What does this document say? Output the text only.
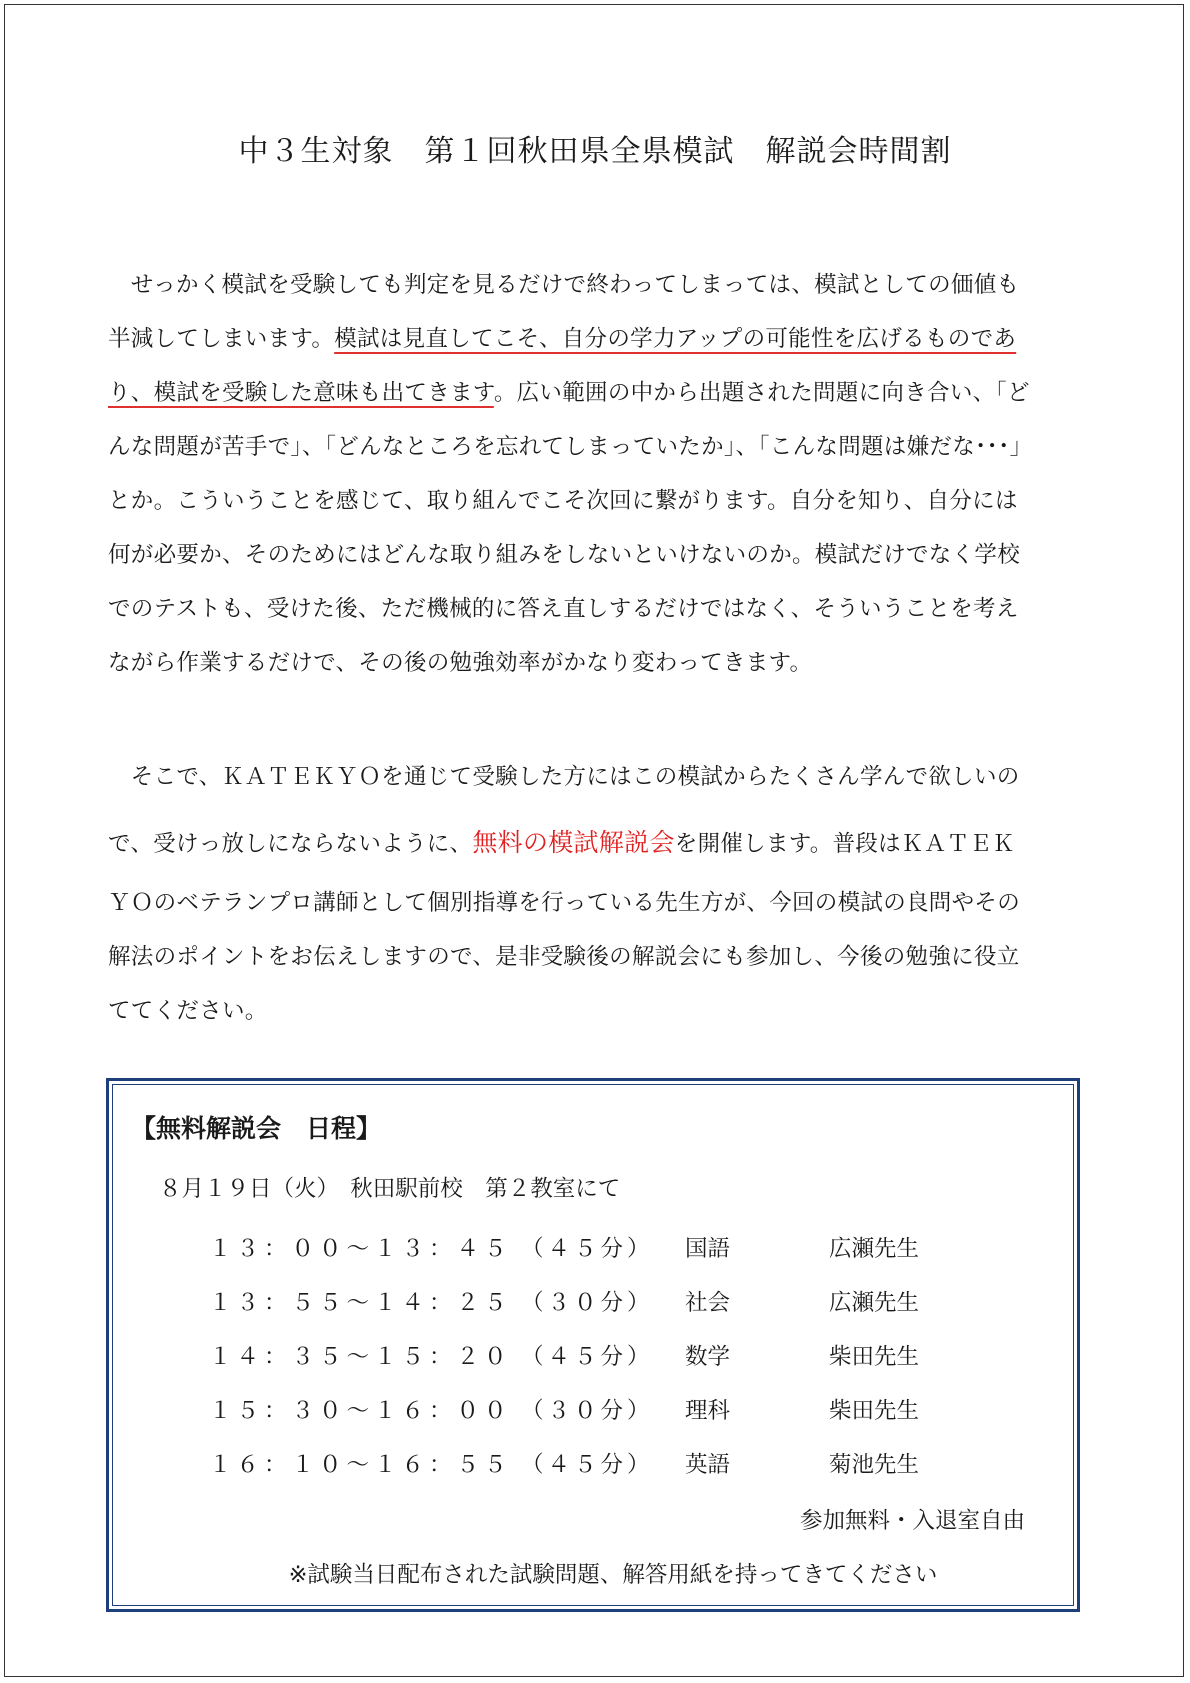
中３生対象　第１回秋田県全県模試　解説会時間割
　せっかく模試を受験しても判定を見るだけで終わってしまっては、模試としての価値も
半減してしまいます。模試は見直してこそ、自分の学力アップの可能性を広げるものであ
り、模試を受験した意味も出てきます。広い範囲の中から出題された問題に向き合い、「ど
んな問題が苦手で」、「どんなところを忘れてしまっていたか」、「こんな問題は嫌だな･･･」
とか。こういうことを感じて、取り組んでこそ次回に繋がります。自分を知り、自分には
何が必要か、そのためにはどんな取り組みをしないといけないのか。模試だけでなく学校
でのテストも、受けた後、ただ機械的に答え直しするだけではなく、そういうことを考え
ながら作業するだけで、その後の勉強効率がかなり変わってきます。
　そこで、ＫＡＴＥＫＹＯを通じて受験した方にはこの模試からたくさん学んで欲しいの
で、受けっ放しにならないように、無料の模試解説会を開催します。普段はＫＡＴＥＫ
ＹＯのベテランプロ講師として個別指導を行っている先生方が、今回の模試の良問やその
解法のポイントをお伝えしますので、是非受験後の解説会にも参加し、今後の勉強に役立
ててください。
【無料解説会　日程】
８月１９日（火）　秋田駅前校　第２教室にて
１３：００～１３：４５ （４５分） 国語	広瀬先生
１３：５５～１４：２５ （３０分） 社会	広瀬先生
１４：３５～１５：２０ （４５分） 数学	柴田先生
１５：３０～１６：００ （３０分） 理科	柴田先生
１６：１０～１６：５５ （４５分） 英語	菊池先生
参加無料・入退室自由
※試験当日配布された試験問題、解答用紙を持ってきてください
